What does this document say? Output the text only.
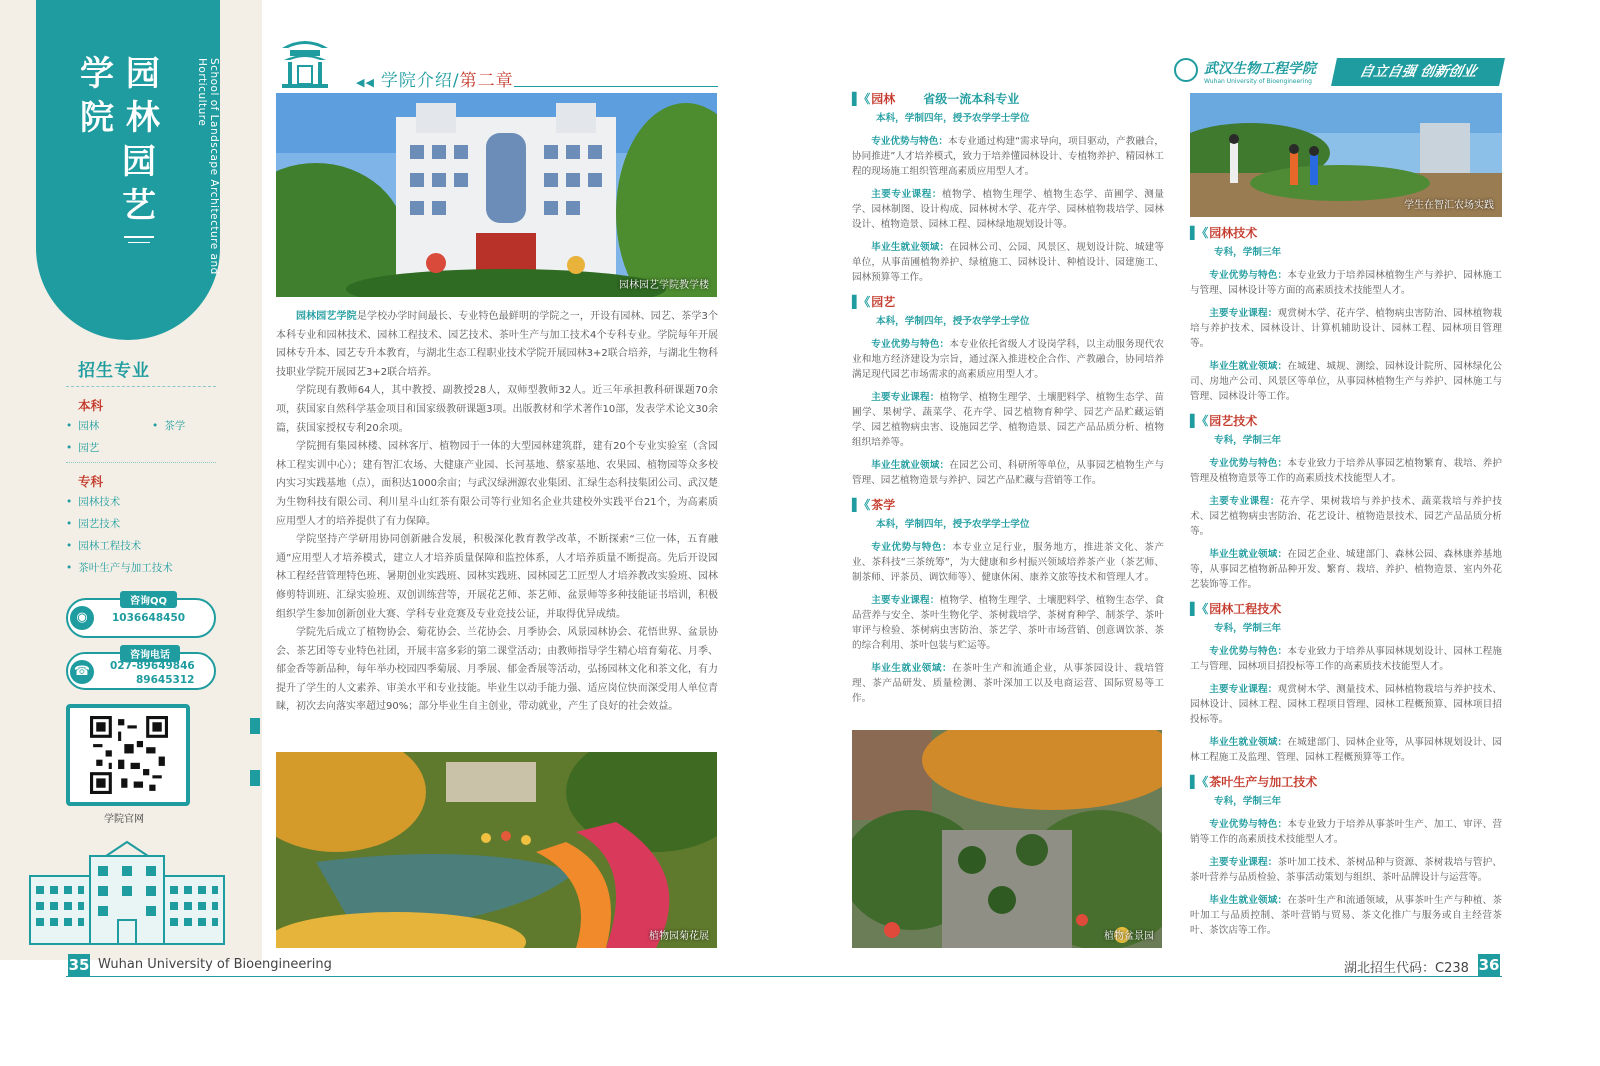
学 园
院 林
园
艺	School of Landscape Architecture and Horticulture
招生专业
本科
• 园林
•	茶学
• 园艺
专科
• 园林技术
• 园艺技术
• 园林工程技术
• 茶叶生产与加工技术
咨询QQ
◉	1036648450
咨询电话
☎	027-89649846
89645312
学院官网
◀◀ 学院介绍/第二章
园林园艺学院教学楼

园林园艺学院是学校办学时间最长、专业特色最鲜明的学院之一，开设有园林、园艺、茶学3个本科专业和园林技术、园林工程技术、园艺技术、茶叶生产与加工技术4个专科专业。学院每年开展园林专升本、园艺专升本教育，与湖北生态工程职业技术学院开展园林3+2联合培养，与湖北生物科技职业学院开展园艺3+2联合培养。

学院现有教师64人，其中教授、副教授28人，双师型教师32人。近三年承担教科研课题70余项，获国家自然科学基金项目和国家级教研课题3项。出版教材和学术著作10部，发表学术论文30余篇，获国家授权专利20余项。

学院拥有集园林楼、园林客厅、植物园于一体的大型园林建筑群，建有20个专业实验室（含园林工程实训中心）；建有智汇农场、大健康产业园、长河基地、蔡家基地、农果园、植物园等众多校内实习实践基地（点），面积达1000余亩；与武汉绿洲源农业集团、汇绿生态科技集团公司、武汉楚为生物科技有限公司、利川星斗山红茶有限公司等行业知名企业共建校外实践平台21个，为高素质应用型人才的培养提供了有力保障。

学院坚持产学研用协同创新融合发展，积极深化教育教学改革，不断探索“三位一体，五育融通”应用型人才培养模式，建立人才培养质量保障和监控体系，人才培养质量不断提高。先后开设园林工程经营管理特色班、暑期创业实践班、园林实践班、园林园艺工匠型人才培养教改实验班、园林修剪特训班、汇绿实验班、双创训练营等，开展花艺师、茶艺师、盆景师等多种技能证书培训，积极组织学生参加创新创业大赛、学科专业竞赛及专业竞技公证，并取得优异成绩。

学院先后成立了植物协会、菊花协会、兰花协会、月季协会、风景园林协会、花悟世界、盆景协会、茶艺团等专业特色社团，开展丰富多彩的第二课堂活动；由教师指导学生精心培育菊花、月季、郁金香等新品种，每年举办校园四季菊展、月季展、郁金香展等活动，弘扬园林文化和茶文化，有力提升了学生的人文素养、审美水平和专业技能。毕业生以动手能力强、适应岗位快而深受用人单位青睐，初次去向落实率超过90%；部分毕业生自主创业，带动就业，产生了良好的社会效益。

植物园菊花展
武汉生物工程学院
Wuhan University of Bioengineering
自立自强 创新创业
▌《 园林 省级一流本科专业
本科，学制四年，授予农学学士学位

专业优势与特色：本专业通过构建“需求导向，项目驱动，产教融合，协同推进”人才培养模式，致力于培养懂园林设计、专植物养护、精园林工程的现场施工组织管理高素质应用型人才。

主要专业课程：植物学、植物生理学、植物生态学、苗圃学、测量学、园林制图、设计构成、园林树木学、花卉学、园林植物栽培学、园林设计、植物造景、园林工程、园林绿地规划设计等。

毕业生就业领域：在园林公司、公园、风景区、规划设计院、城建等单位，从事苗圃植物养护、绿植施工、园林设计、种植设计、园建施工、园林预算等工作。

▌《 园艺
本科，学制四年，授予农学学士学位

专业优势与特色：本专业依托省级人才设岗学科，以主动服务现代农业和地方经济建设为宗旨，通过深入推进校企合作、产教融合，协同培养满足现代园艺市场需求的高素质应用型人才。

主要专业课程：植物学、植物生理学、土壤肥料学、植物生态学、苗圃学、果树学、蔬菜学、花卉学、园艺植物育种学、园艺产品贮藏运销学、园艺植物病虫害、设施园艺学、植物造景、园艺产品品质分析、植物组织培养等。

毕业生就业领域：在园艺公司、科研所等单位，从事园艺植物生产与管理、园艺植物造景与养护、园艺产品贮藏与营销等工作。

▌《 茶学
本科，学制四年，授予农学学士学位

专业优势与特色：本专业立足行业，服务地方，推进茶文化、茶产业、茶科技“三茶统筹”，为大健康和乡村振兴领域培养茶产业（茶艺师、制茶师、评茶员、调饮师等）、健康休闲、康养文旅等技术和管理人才。

主要专业课程：植物学、植物生理学、土壤肥料学、植物生态学、食品营养与安全、茶叶生物化学、茶树栽培学、茶树育种学、制茶学、茶叶审评与检验、茶树病虫害防治、茶艺学、茶叶市场营销、创意调饮茶、茶的综合利用、茶叶包装与贮运等。

毕业生就业领域：在茶叶生产和流通企业，从事茶园设计、栽培管理、茶产品研发、质量检测、茶叶深加工以及电商运营、国际贸易等工作。

植物盆景园
学生在智汇农场实践
▌《 园林技术
专科，学制三年

专业优势与特色：本专业致力于培养园林植物生产与养护、园林施工与管理、园林设计等方面的高素质技术技能型人才。

主要专业课程：观赏树木学、花卉学、植物病虫害防治、园林植物栽培与养护技术、园林设计、计算机辅助设计、园林工程、园林项目管理等。

毕业生就业领域：在城建、城规、测绘、园林设计院所、园林绿化公司、房地产公司、风景区等单位，从事园林植物生产与养护、园林施工与管理、园林设计等工作。

▌《 园艺技术
专科，学制三年

专业优势与特色：本专业致力于培养从事园艺植物繁育、栽培、养护管理及植物造景等工作的高素质技术技能型人才。

主要专业课程：花卉学、果树栽培与养护技术、蔬菜栽培与养护技术、园艺植物病虫害防治、花艺设计、植物造景技术、园艺产品品质分析等。

毕业生就业领域：在园艺企业、城建部门、森林公园、森林康养基地等，从事园艺植物新品种开发、繁育、栽培、养护、植物造景、室内外花艺装饰等工作。

▌《 园林工程技术
专科，学制三年

专业优势与特色：本专业致力于培养从事园林规划设计、园林工程施工与管理、园林项目招投标等工作的高素质技术技能型人才。

主要专业课程：观赏树木学、测量技术、园林植物栽培与养护技术、园林设计、园林工程、园林工程项目管理、园林工程概预算、园林项目招投标等。

毕业生就业领域：在城建部门、园林企业等，从事园林规划设计、园林工程施工及监理、管理、园林工程概预算等工作。

▌《 茶叶生产与加工技术
专科，学制三年

专业优势与特色：本专业致力于培养从事茶叶生产、加工、审评、营销等工作的高素质技术技能型人才。

主要专业课程：茶叶加工技术、茶树品种与资源、茶树栽培与管护、茶叶营养与品质检验、茶事活动策划与组织、茶叶品牌设计与运营等。

毕业生就业领域：在茶叶生产和流通领域，从事茶叶生产与种植、茶叶加工与品质控制、茶叶营销与贸易、茶文化推广与服务或自主经营茶叶、茶饮店等工作。

35 Wuhan University of Bioengineering	湖北招生代码：C238 36
